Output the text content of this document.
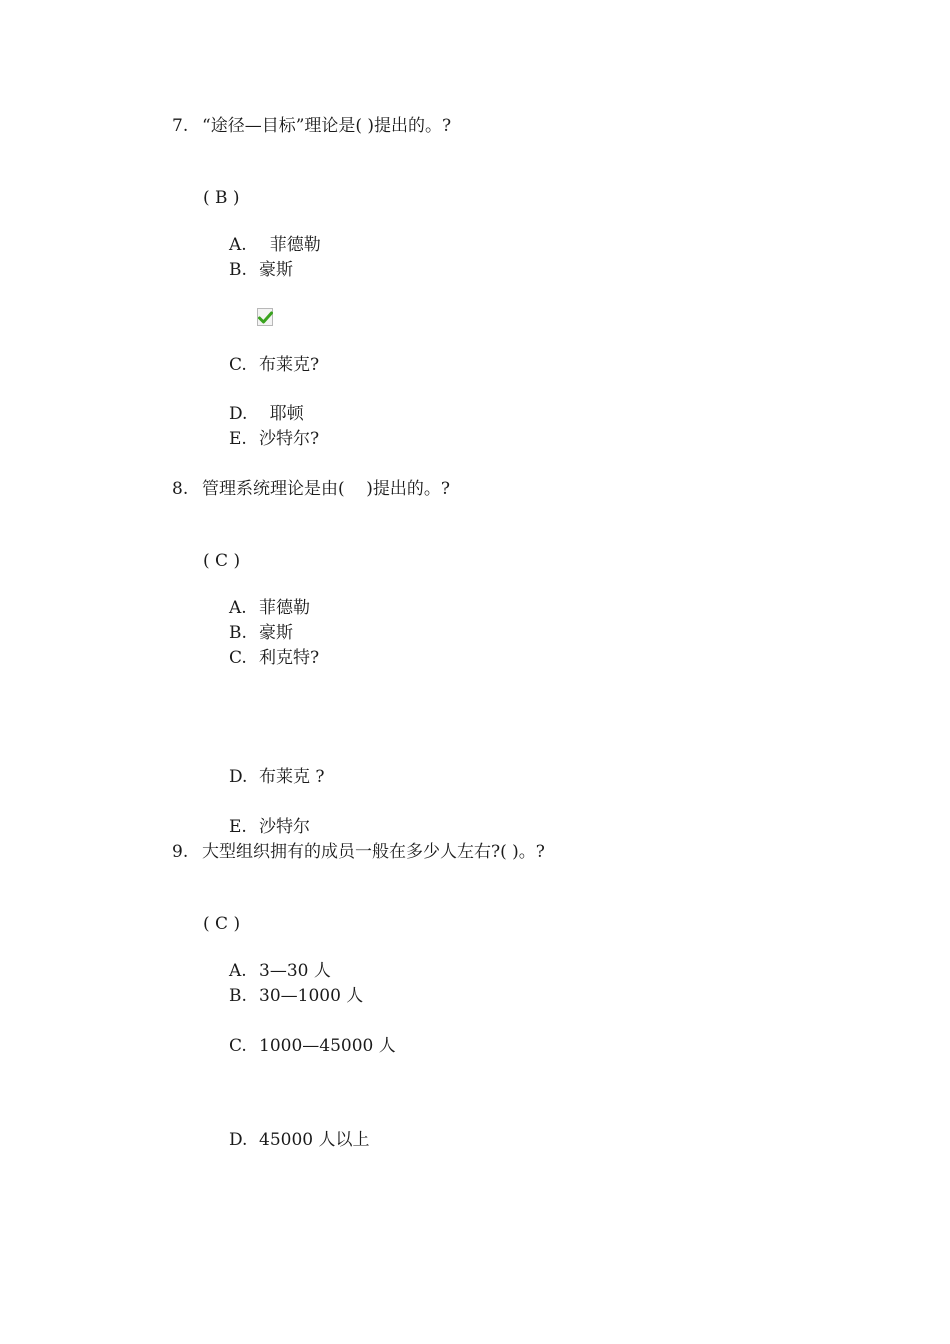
7. “途径—目标”理论是( )提出的。?
( B )
A. 菲德勒
B. 豪斯
C. 布莱克?
D. 耶顿
E. 沙特尔?
8. 管理系统理论是由(    )提出的。?
( C )
A. 菲德勒
B. 豪斯
C. 利克特?
D. 布莱克 ?
E. 沙特尔
9. 大型组织拥有的成员一般在多少人左右?( )。?
( C )
A. 3—30 人
B. 30—1000 人
C. 1000—45000 人
D. 45000 人以上
